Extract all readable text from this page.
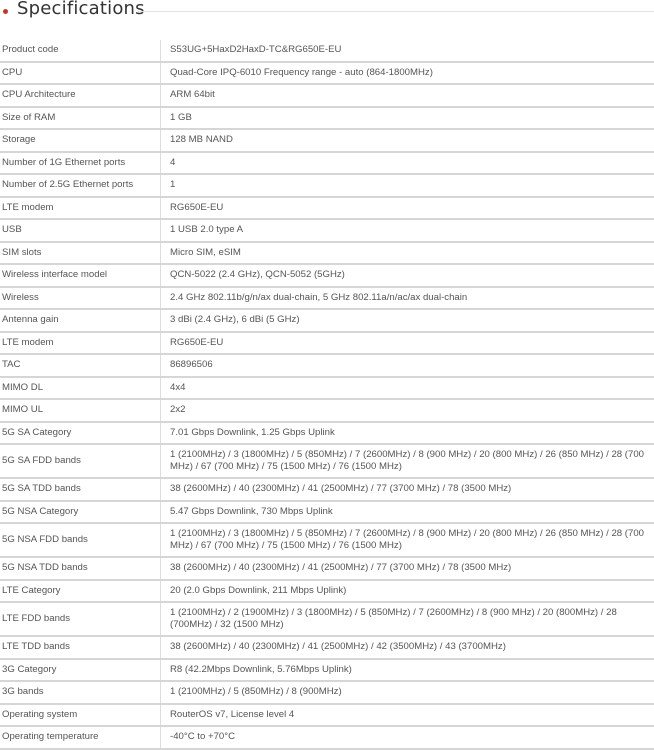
Specifications
Product code	S53UG+5HaxD2HaxD-TC&RG650E-EU
CPU	Quad-Core IPQ-6010 Frequency range - auto (864-1800MHz)
CPU Architecture	ARM 64bit
Size of RAM	1 GB
Storage	128 MB NAND
Number of 1G Ethernet ports	4
Number of 2.5G Ethernet ports	1
LTE modem	RG650E-EU
USB	1 USB 2.0 type A
SIM slots	Micro SIM, eSIM
Wireless interface model	QCN-5022 (2.4 GHz), QCN-5052 (5GHz)
Wireless	2.4 GHz 802.11b/g/n/ax dual-chain, 5 GHz 802.11a/n/ac/ax dual-chain
Antenna gain	3 dBi (2.4 GHz), 6 dBi (5 GHz)
LTE modem	RG650E-EU
TAC	86896506
MIMO DL	4x4
MIMO UL	2x2
5G SA Category	7.01 Gbps Downlink, 1.25 Gbps Uplink
5G SA FDD bands	1 (2100MHz) / 3 (1800MHz) / 5 (850MHz) / 7 (2600MHz) / 8 (900 MHz) / 20 (800 MHz) / 26 (850 MHz) / 28 (700 MHz) / 67 (700 MHz) / 75 (1500 MHz) / 76 (1500 MHz)
5G SA TDD bands	38 (2600MHz) / 40 (2300MHz) / 41 (2500MHz) / 77 (3700 MHz) / 78 (3500 MHz)
5G NSA Category	5.47 Gbps Downlink, 730 Mbps Uplink
5G NSA FDD bands	1 (2100MHz) / 3 (1800MHz) / 5 (850MHz) / 7 (2600MHz) / 8 (900 MHz) / 20 (800 MHz) / 26 (850 MHz) / 28 (700 MHz) / 67 (700 MHz) / 75 (1500 MHz) / 76 (1500 MHz)
5G NSA TDD bands	38 (2600MHz) / 40 (2300MHz) / 41 (2500MHz) / 77 (3700 MHz) / 78 (3500 MHz)
LTE Category	20 (2.0 Gbps Downlink, 211 Mbps Uplink)
LTE FDD bands	1 (2100MHz) / 2 (1900MHz) / 3 (1800MHz) / 5 (850MHz) / 7 (2600MHz) / 8 (900 MHz) / 20 (800MHz) / 28 (700MHz) / 32 (1500 MHz)
LTE TDD bands	38 (2600MHz) / 40 (2300MHz) / 41 (2500MHz) / 42 (3500MHz) / 43 (3700MHz)
3G Category	R8 (42.2Mbps Downlink, 5.76Mbps Uplink)
3G bands	1 (2100MHz) / 5 (850MHz) / 8 (900MHz)
Operating system	RouterOS v7, License level 4
Operating temperature	-40°C to +70°C
